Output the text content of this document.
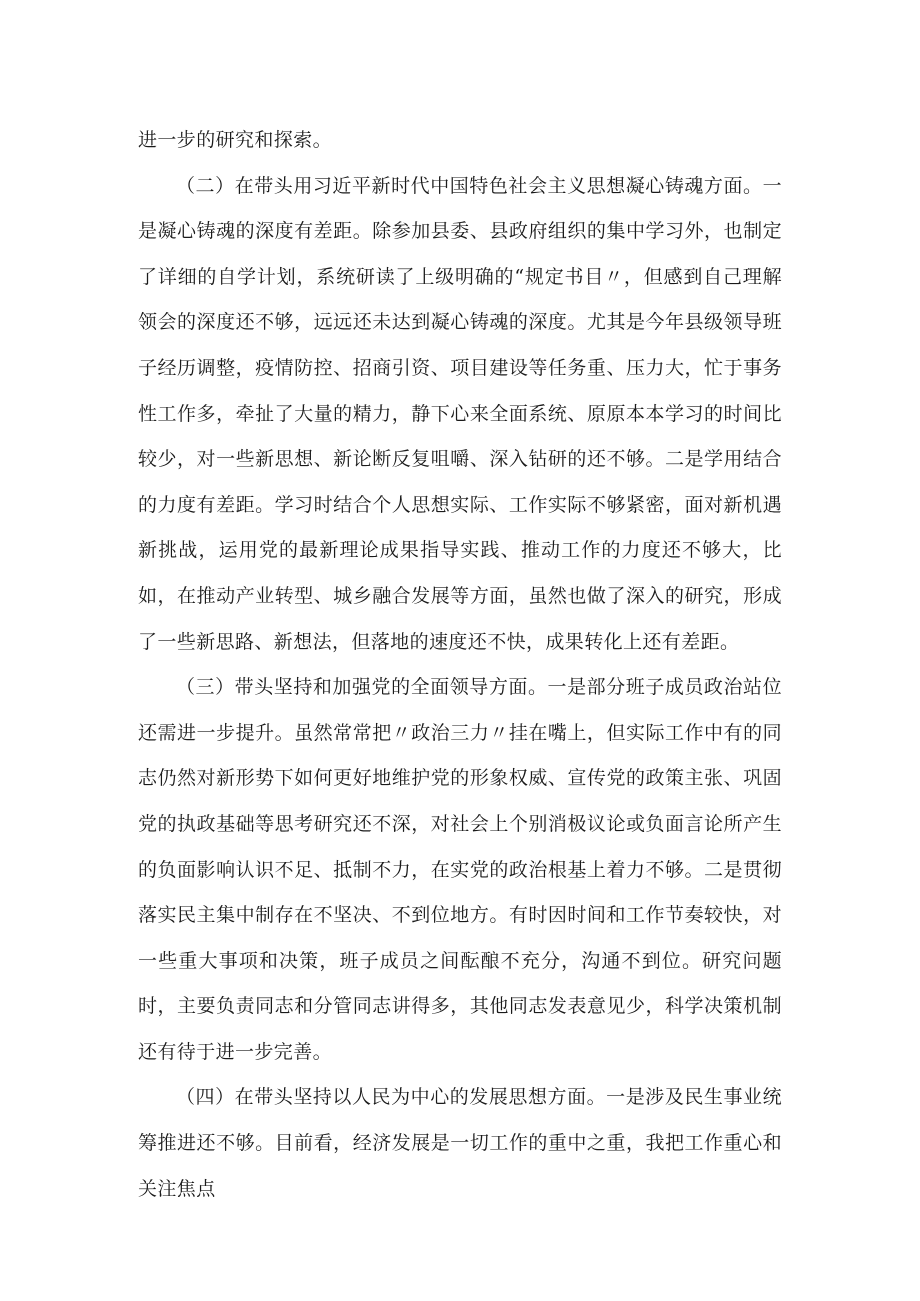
进一步的研究和探索。

（二）在带头用习近平新时代中国特色社会主义思想凝心铸魂方面。一是凝心铸魂的深度有差距。除参加县委、县政府组织的集中学习外，也制定了详细的自学计划，系统研读了上级明确的“规定书目〃，但感到自己理解领会的深度还不够，远远还未达到凝心铸魂的深度。尤其是今年县级领导班子经历调整，疫情防控、招商引资、项目建设等任务重、压力大，忙于事务性工作多，牵扯了大量的精力，静下心来全面系统、原原本本学习的时间比较少，对一些新思想、新论断反复咀嚼、深入钻研的还不够。二是学用结合的力度有差距。学习时结合个人思想实际、工作实际不够紧密，面对新机遇新挑战，运用党的最新理论成果指导实践、推动工作的力度还不够大，比如，在推动产业转型、城乡融合发展等方面，虽然也做了深入的研究，形成了一些新思路、新想法，但落地的速度还不快，成果转化上还有差距。

（三）带头坚持和加强党的全面领导方面。一是部分班子成员政治站位还需进一步提升。虽然常常把〃政治三力〃挂在嘴上，但实际工作中有的同志仍然对新形势下如何更好地维护党的形象权威、宣传党的政策主张、巩固党的执政基础等思考研究还不深，对社会上个别消极议论或负面言论所产生的负面影响认识不足、抵制不力，在实党的政治根基上着力不够。二是贯彻落实民主集中制存在不坚决、不到位地方。有时因时间和工作节奏较快，对一些重大事项和决策，班子成员之间酝酿不充分，沟通不到位。研究问题时，主要负责同志和分管同志讲得多，其他同志发表意见少，科学决策机制还有待于进一步完善。

（四）在带头坚持以人民为中心的发展思想方面。一是涉及民生事业统筹推进还不够。目前看，经济发展是一切工作的重中之重，我把工作重心和关注焦点
